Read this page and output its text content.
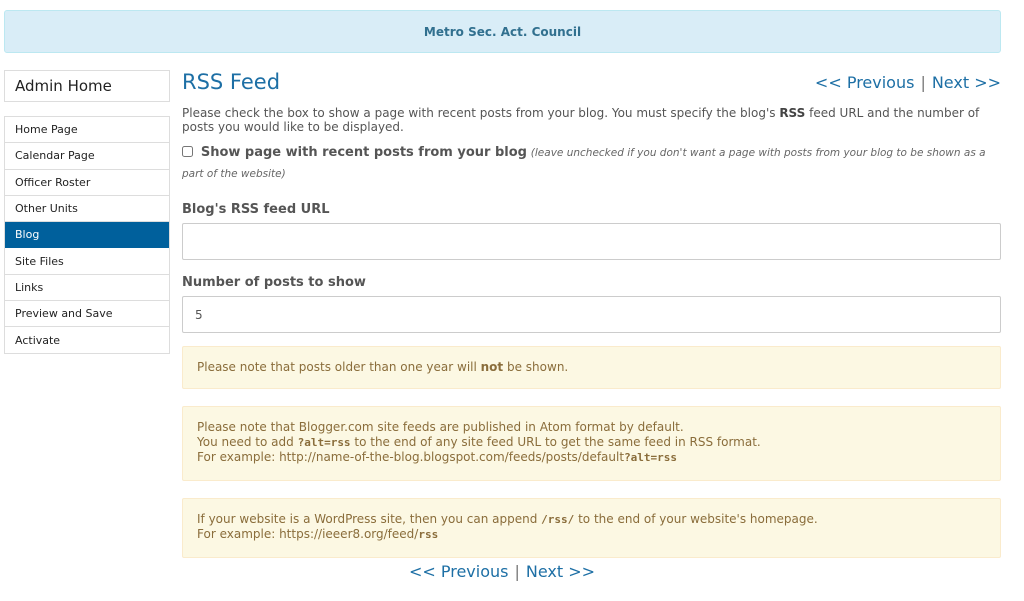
Metro Sec. Act. Council
Admin Home
Home Page
Calendar Page
Officer Roster
Other Units
Blog
Site Files
Links
Preview and Save
Activate
RSS Feed	<< Previous | Next >>

Please check the box to show a page with recent posts from your blog. You must specify the blog's RSS feed URL and the number of posts you would like to be displayed.

Show page with recent posts from your blog (leave unchecked if you don't want a page with posts from your blog to be shown as a part of the website)
Blog's RSS feed URL
Number of posts to show
5
Please note that posts older than one year will not be shown.
Please note that Blogger.com site feeds are published in Atom format by default.
You need to add ?alt=rss to the end of any site feed URL to get the same feed in RSS format.
For example: http://name-of-the-blog.blogspot.com/feeds/posts/default?alt=rss
If your website is a WordPress site, then you can append /rss/ to the end of your website's homepage.
For example: https://ieeer8.org/feed/rss
<< Previous | Next >>
